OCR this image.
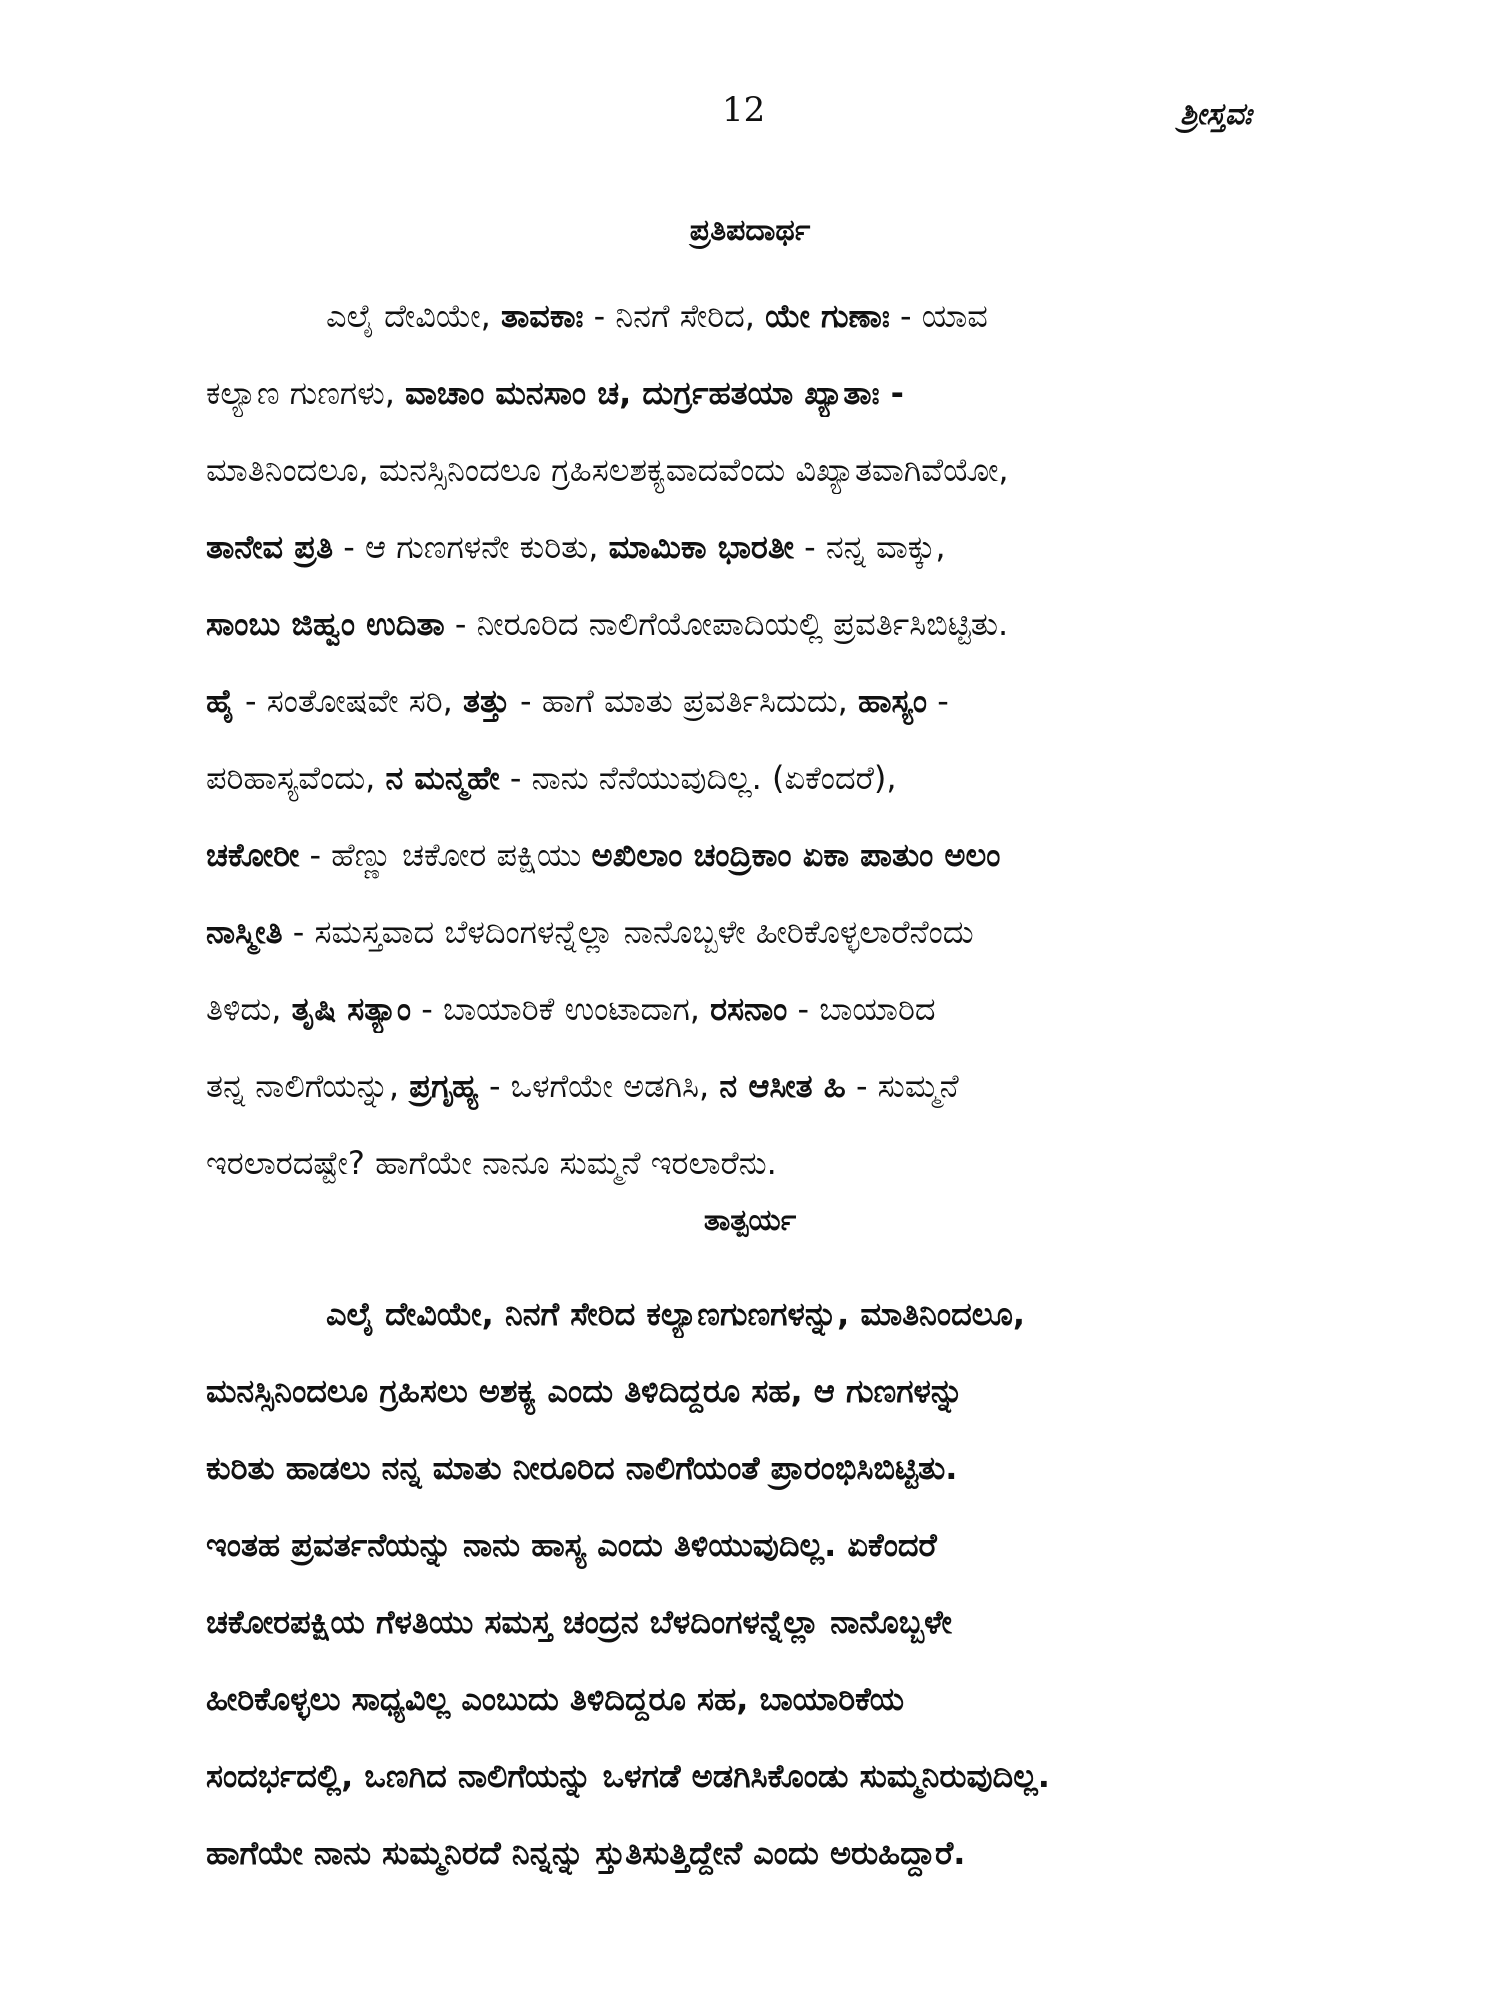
12	ಶ್ರೀಸ್ತವಃ
ಪ್ರತಿಪದಾರ್ಥ
ಎಲೈ ದೇವಿಯೇ, ತಾವಕಾಃ - ನಿನಗೆ ಸೇರಿದ, ಯೇ ಗುಣಾಃ - ಯಾವ
ಕಲ್ಯಾಣ ಗುಣಗಳು, ವಾಚಾಂ ಮನಸಾಂ ಚ, ದುರ್ಗ್ರಹತಯಾ ಖ್ಯಾತಾಃ -
ಮಾತಿನಿಂದಲೂ, ಮನಸ್ಸಿನಿಂದಲೂ ಗ್ರಹಿಸಲಶಕ್ಯವಾದವೆಂದು ವಿಖ್ಯಾತವಾಗಿವೆಯೋ,
ತಾನೇವ ಪ್ರತಿ - ಆ ಗುಣಗಳನೇ ಕುರಿತು, ಮಾಮಿಕಾ ಭಾರತೀ - ನನ್ನ ವಾಕ್ಕು,
ಸಾಂಬು ಜಿಹ್ವಂ ಉದಿತಾ - ನೀರೂರಿದ ನಾಲಿಗೆಯೋಪಾದಿಯಲ್ಲಿ ಪ್ರವರ್ತಿಸಿಬಿಟ್ಟಿತು.
ಹೈ - ಸಂತೋಷವೇ ಸರಿ, ತತ್ತು - ಹಾಗೆ ಮಾತು ಪ್ರವರ್ತಿಸಿದುದು, ಹಾಸ್ಯಂ -
ಪರಿಹಾಸ್ಯವೆಂದು, ನ ಮನ್ಮಹೇ - ನಾನು ನೆನೆಯುವುದಿಲ್ಲ. (ಏಕೆಂದರೆ),
ಚಕೋರೀ - ಹೆಣ್ಣು ಚಕೋರ ಪಕ್ಷಿಯು ಅಖಿಲಾಂ ಚಂದ್ರಿಕಾಂ ಏಕಾ ಪಾತುಂ ಅಲಂ
ನಾಸ್ಮೀತಿ - ಸಮಸ್ತವಾದ ಬೆಳದಿಂಗಳನ್ನೆಲ್ಲಾ ನಾನೊಬ್ಬಳೇ ಹೀರಿಕೊಳ್ಳಲಾರೆನೆಂದು
ತಿಳಿದು, ತೃಷಿ ಸತ್ಯಾಂ - ಬಾಯಾರಿಕೆ ಉಂಟಾದಾಗ, ರಸನಾಂ - ಬಾಯಾರಿದ
ತನ್ನ ನಾಲಿಗೆಯನ್ನು, ಪ್ರಗೃಹ್ಯ - ಒಳಗೆಯೇ ಅಡಗಿಸಿ, ನ ಆಸೀತ ಹಿ - ಸುಮ್ಮನೆ
ಇರಲಾರದಷ್ಟೇ? ಹಾಗೆಯೇ ನಾನೂ ಸುಮ್ಮನೆ ಇರಲಾರೆನು.
ತಾತ್ಪರ್ಯ
ಎಲೈ ದೇವಿಯೇ, ನಿನಗೆ ಸೇರಿದ ಕಲ್ಯಾಣಗುಣಗಳನ್ನು, ಮಾತಿನಿಂದಲೂ,
ಮನಸ್ಸಿನಿಂದಲೂ ಗ್ರಹಿಸಲು ಅಶಕ್ಯ ಎಂದು ತಿಳಿದಿದ್ದರೂ ಸಹ, ಆ ಗುಣಗಳನ್ನು
ಕುರಿತು ಹಾಡಲು ನನ್ನ ಮಾತು ನೀರೂರಿದ ನಾಲಿಗೆಯಂತೆ ಪ್ರಾರಂಭಿಸಿಬಿಟ್ಟಿತು.
ಇಂತಹ ಪ್ರವರ್ತನೆಯನ್ನು ನಾನು ಹಾಸ್ಯ ಎಂದು ತಿಳಿಯುವುದಿಲ್ಲ. ಏಕೆಂದರೆ
ಚಕೋರಪಕ್ಷಿಯ ಗೆಳತಿಯು ಸಮಸ್ತ ಚಂದ್ರನ ಬೆಳದಿಂಗಳನ್ನೆಲ್ಲಾ ನಾನೊಬ್ಬಳೇ
ಹೀರಿಕೊಳ್ಳಲು ಸಾಧ್ಯವಿಲ್ಲ ಎಂಬುದು ತಿಳಿದಿದ್ದರೂ ಸಹ, ಬಾಯಾರಿಕೆಯ
ಸಂದರ್ಭದಲ್ಲಿ, ಒಣಗಿದ ನಾಲಿಗೆಯನ್ನು ಒಳಗಡೆ ಅಡಗಿಸಿಕೊಂಡು ಸುಮ್ಮನಿರುವುದಿಲ್ಲ.
ಹಾಗೆಯೇ ನಾನು ಸುಮ್ಮನಿರದೆ ನಿನ್ನನ್ನು ಸ್ತುತಿಸುತ್ತಿದ್ದೇನೆ ಎಂದು ಅರುಹಿದ್ದಾರೆ.
